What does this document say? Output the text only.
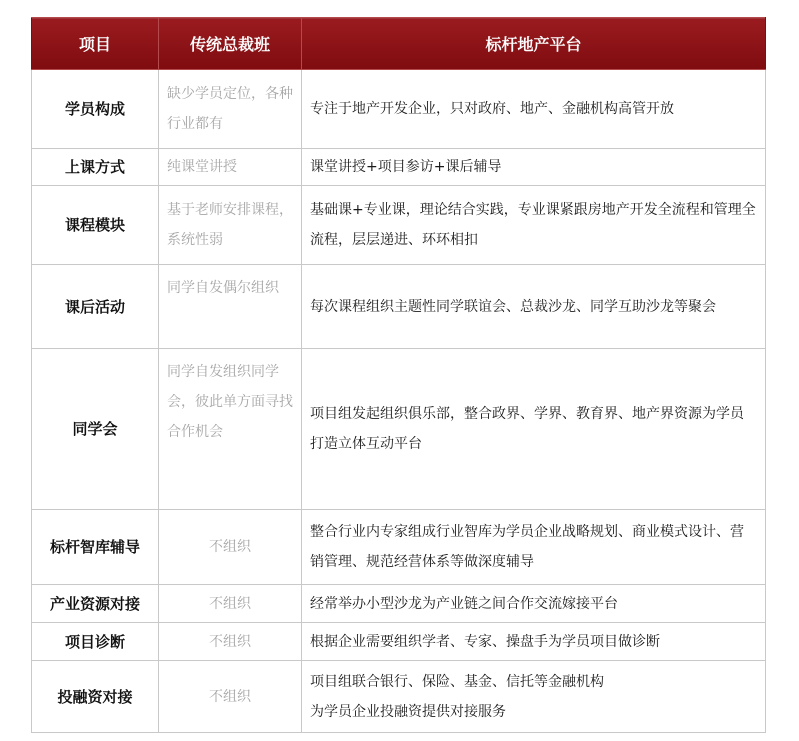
项目	传统总裁班	标杆地产平台
学员构成	缺少学员定位，各种行业都有	专注于地产开发企业，只对政府、地产、金融机构高管开放
上课方式	纯课堂讲授	课堂讲授+项目参访+课后辅导
课程模块	基于老师安排课程，系统性弱	基础课+专业课，理论结合实践，专业课紧跟房地产开发全流程和管理全流程，层层递进、环环相扣
课后活动	同学自发偶尔组织	每次课程组织主题性同学联谊会、总裁沙龙、同学互助沙龙等聚会
同学会	同学自发组织同学会，彼此单方面寻找合作机会	项目组发起组织俱乐部，整合政界、学界、教育界、地产界资源为学员打造立体互动平台
标杆智库辅导	不组织	整合行业内专家组成行业智库为学员企业战略规划、商业模式设计、营销管理、规范经营体系等做深度辅导
产业资源对接	不组织	经常举办小型沙龙为产业链之间合作交流嫁接平台
项目诊断	不组织	根据企业需要组织学者、专家、操盘手为学员项目做诊断
投融资对接	不组织	项目组联合银行、保险、基金、信托等金融机构
为学员企业投融资提供对接服务
